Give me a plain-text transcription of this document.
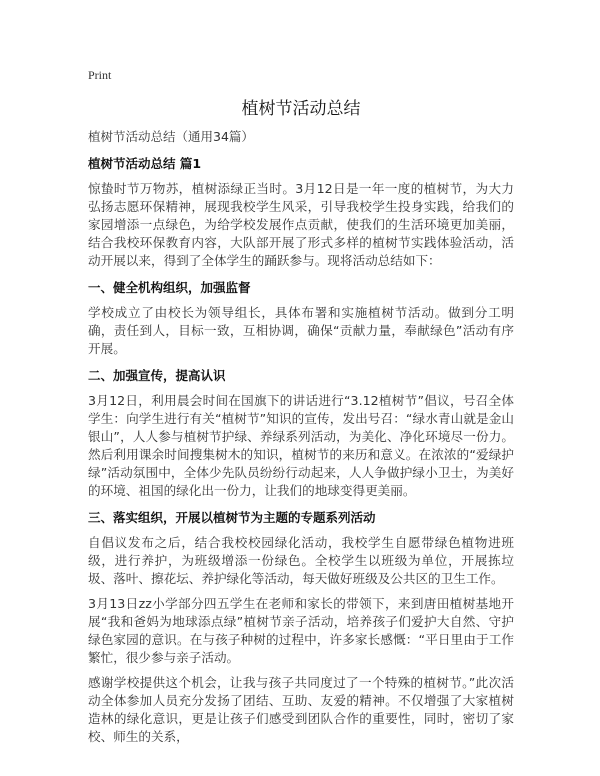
Print
植树节活动总结
植树节活动总结（通用34篇）
植树节活动总结 篇1
惊蛰时节万物苏，植树添绿正当时。3月12日是一年一度的植树节，为大力弘扬志愿环保精神，展现我校学生风采，引导我校学生投身实践，给我们的家园增添一点绿色，为给学校发展作点贡献，使我们的生活环境更加美丽，结合我校环保教育内容，大队部开展了形式多样的植树节实践体验活动，活动开展以来，得到了全体学生的踊跃参与。现将活动总结如下：
一、健全机构组织，加强监督
学校成立了由校长为领导组长，具体布署和实施植树节活动。做到分工明确，责任到人，目标一致，互相协调，确保“贡献力量，奉献绿色”活动有序开展。
二、加强宣传，提高认识
3月12日，利用晨会时间在国旗下的讲话进行“3.12植树节”倡议，号召全体学生：向学生进行有关“植树节”知识的宣传，发出号召：“绿水青山就是金山银山”，人人参与植树节护绿、养绿系列活动，为美化、净化环境尽一份力。然后利用课余时间搜集树木的知识，植树节的来历和意义。在浓浓的“爱绿护绿”活动氛围中，全体少先队员纷纷行动起来，人人争做护绿小卫士，为美好的环境、祖国的绿化出一份力，让我们的地球变得更美丽。
三、落实组织，开展以植树节为主题的专题系列活动
自倡议发布之后，结合我校校园绿化活动，我校学生自愿带绿色植物进班级，进行养护，为班级增添一份绿色。全校学生以班级为单位，开展拣垃圾、落叶、擦花坛、养护绿化等活动，每天做好班级及公共区的卫生工作。
3月13日zz小学部分四五学生在老师和家长的带领下，来到唐田植树基地开展“我和爸妈为地球添点绿”植树节亲子活动，培养孩子们爱护大自然、守护绿色家园的意识。在与孩子种树的过程中，许多家长感慨：“平日里由于工作繁忙，很少参与亲子活动。
感谢学校提供这个机会，让我与孩子共同度过了一个特殊的植树节。”此次活动全体参加人员充分发扬了团结、互助、友爱的精神。不仅增强了大家植树造林的绿化意识，更是让孩子们感受到团队合作的重要性，同时，密切了家校、师生的关系，
